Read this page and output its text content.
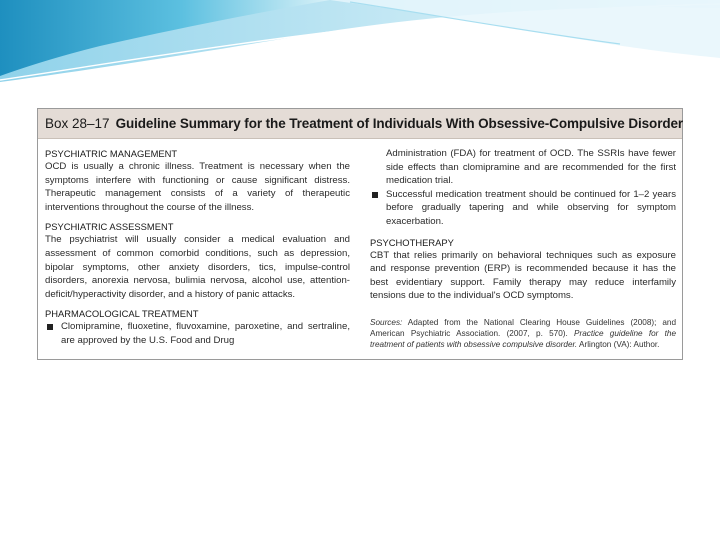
Box 28–17 Guideline Summary for the Treatment of Individuals With Obsessive-Compulsive Disorder
PSYCHIATRIC MANAGEMENT

OCD is usually a chronic illness. Treatment is necessary when the symptoms interfere with functioning or cause significant distress. Therapeutic management consists of a variety of therapeutic interventions throughout the course of the illness.

PSYCHIATRIC ASSESSMENT

The psychiatrist will usually consider a medical evaluation and assessment of common comorbid conditions, such as depression, bipolar symptoms, other anxiety disorders, tics, impulse-control disorders, anorexia nervosa, bulimia nervosa, alcohol use, attention-deficit/hyperactivity disorder, and a history of panic attacks.

PHARMACOLOGICAL TREATMENT
Clomipramine, fluoxetine, fluvoxamine, paroxetine, and sertraline, are approved by the U.S. Food and Drug

Administration (FDA) for treatment of OCD. The SSRIs have fewer side effects than clomipramine and are recommended for the first medication trial.

Successful medication treatment should be continued for 1–2 years before gradually tapering and while observing for symptom exacerbation.
PSYCHOTHERAPY

CBT that relies primarily on behavioral techniques such as exposure and response prevention (ERP) is recommended because it has the best evidentiary support. Family therapy may reduce interfamily tensions due to the individual's OCD symptoms.

Sources: Adapted from the National Clearing House Guidelines (2008); and American Psychiatric Association. (2007, p. 570). Practice guideline for the treatment of patients with obsessive compulsive disorder. Arlington (VA): Author.
